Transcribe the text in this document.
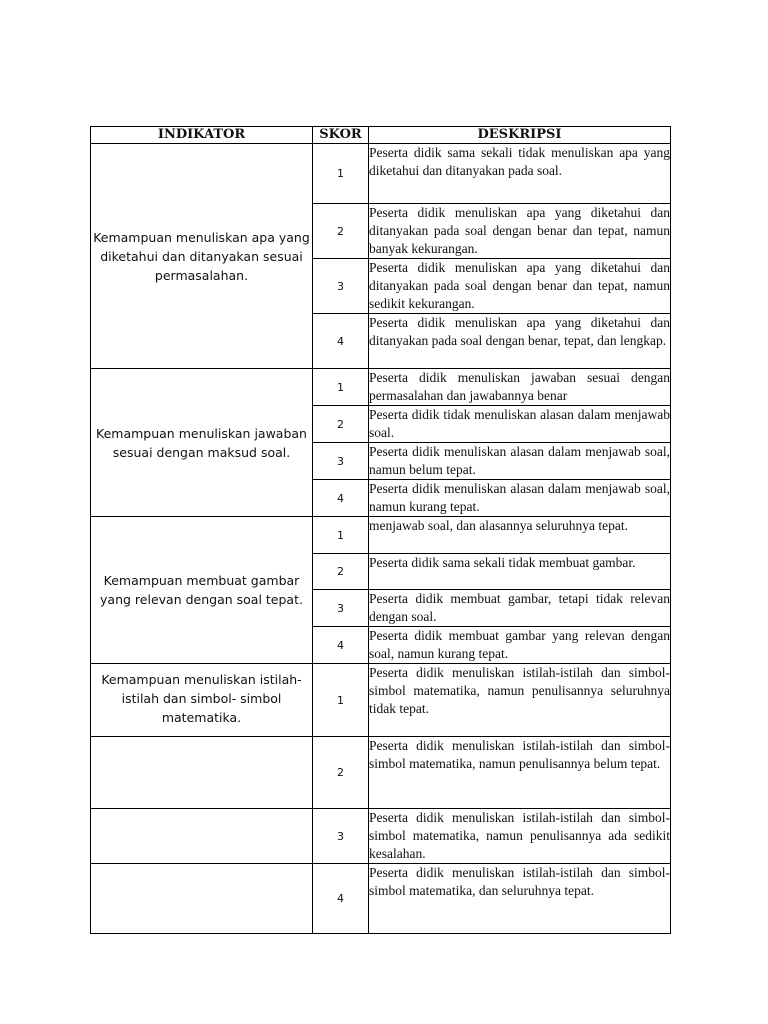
INDIKATOR	SKOR	DESKRIPSI
Kemampuan menuliskan apa yang diketahui dan ditanyakan sesuai permasalahan.	1	Peserta didik sama sekali tidak menuliskan apa yang diketahui dan ditanyakan pada soal.
	2	Peserta didik menuliskan apa yang diketahui dan ditanyakan pada soal dengan benar dan tepat, namun banyak kekurangan.
	3	Peserta didik menuliskan apa yang diketahui dan ditanyakan pada soal dengan benar dan tepat, namun sedikit kekurangan.
	4	Peserta didik menuliskan apa yang diketahui dan ditanyakan pada soal dengan benar, tepat, dan lengkap.
Kemampuan menuliskan jawaban sesuai dengan maksud soal.	1	Peserta didik menuliskan jawaban sesuai dengan permasalahan dan jawabannya benar
	2	Peserta didik tidak menuliskan alasan dalam menjawab soal.
	3	Peserta didik menuliskan alasan dalam menjawab soal, namun belum tepat.
	4	Peserta didik menuliskan alasan dalam menjawab soal, namun kurang tepat.
Kemampuan membuat gambar yang relevan dengan soal tepat.	1	menjawab soal, dan alasannya seluruhnya tepat.
	2	Peserta didik sama sekali tidak membuat gambar.
	3	Peserta didik membuat gambar, tetapi tidak relevan dengan soal.
	4	Peserta didik membuat gambar yang relevan dengan soal, namun kurang tepat.
Kemampuan menuliskan istilah-istilah dan simbol- simbol matematika.	1	Peserta didik menuliskan istilah-istilah dan simbol-simbol matematika, namun penulisannya seluruhnya tidak tepat.
	2	Peserta didik menuliskan istilah-istilah dan simbol-simbol matematika, namun penulisannya belum tepat.
	3	Peserta didik menuliskan istilah-istilah dan simbol-simbol matematika, namun penulisannya ada sedikit kesalahan.
	4	Peserta didik menuliskan istilah-istilah dan simbol-simbol matematika, dan seluruhnya tepat.
